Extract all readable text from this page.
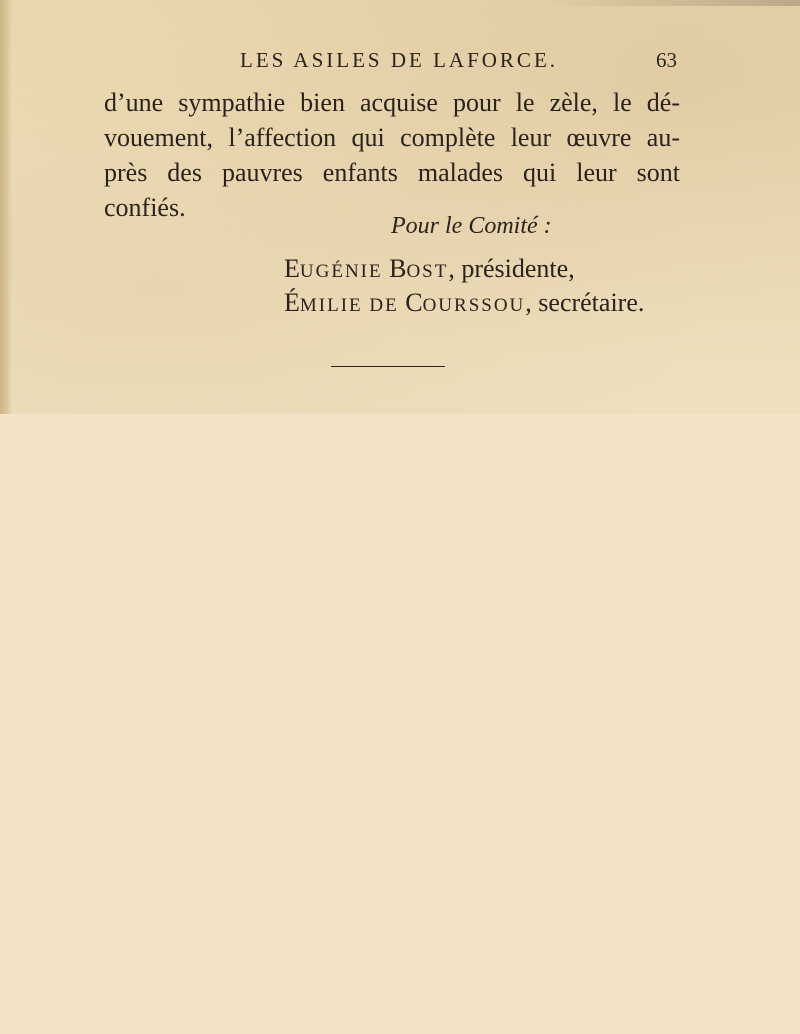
LES ASILES DE LAFORCE.	63

d’une sympathie bien acquise pour le zèle, le dé-
vouement, l’affection qui complète leur œuvre au-
près des pauvres enfants malades qui leur sont
confiés.

Pour le Comité :
EUGÉNIE BOST, présidente,
ÉMILIE DE COURSSOU, secrétaire.
